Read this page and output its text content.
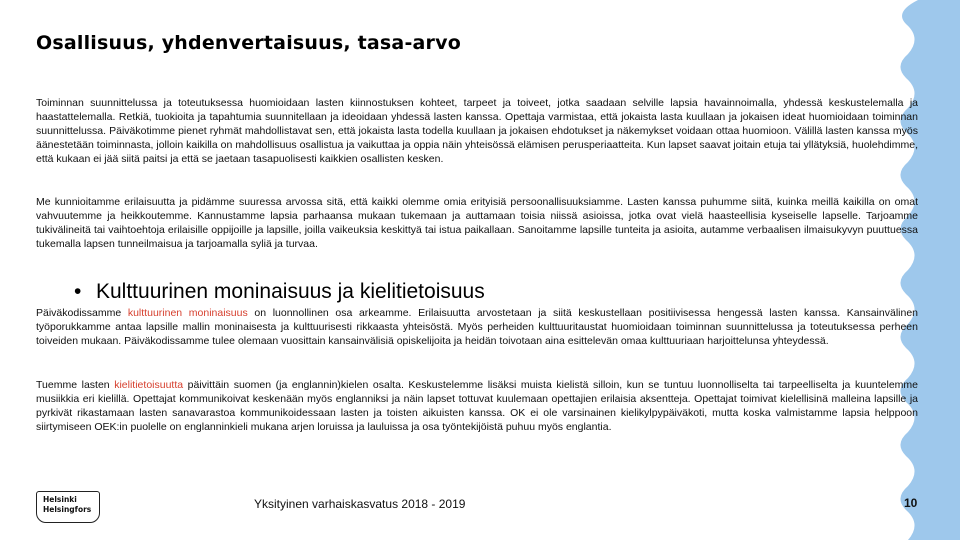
Osallisuus, yhdenvertaisuus, tasa-arvo

Toiminnan suunnittelussa ja toteutuksessa huomioidaan lasten kiinnostuksen kohteet, tarpeet ja toiveet, jotka saadaan selville lapsia havainnoimalla, yhdessä keskustelemalla ja haastattelemalla. Retkiä, tuokioita ja tapahtumia suunnitellaan ja ideoidaan yhdessä lasten kanssa. Opettaja varmistaa, että jokaista lasta kuullaan ja jokaisen ideat huomioidaan toiminnan suunnittelussa. Päiväkotimme pienet ryhmät mahdollistavat sen, että jokaista lasta todella kuullaan ja jokaisen ehdotukset ja näkemykset voidaan ottaa huomioon. Välillä lasten kanssa myös äänestetään toiminnasta, jolloin kaikilla on mahdollisuus osallistua ja vaikuttaa ja oppia näin yhteisössä elämisen perusperiaatteita. Kun lapset saavat joitain etuja tai yllätyksiä, huolehdimme, että kukaan ei jää siitä paitsi ja että se jaetaan tasapuolisesti kaikkien osallisten kesken.

Me kunnioitamme erilaisuutta ja pidämme suuressa arvossa sitä, että kaikki olemme omia erityisiä persoonallisuuksiamme. Lasten kanssa puhumme siitä, kuinka meillä kaikilla on omat vahvuutemme ja heikkoutemme. Kannustamme lapsia parhaansa mukaan tukemaan ja auttamaan toisia niissä asioissa, jotka ovat vielä haasteellisia kyseiselle lapselle. Tarjoamme tukivälineitä tai vaihtoehtoja erilaisille oppijoille ja lapsille, joilla vaikeuksia keskittyä tai istua paikallaan. Sanoitamme lapsille tunteita ja asioita, autamme verbaalisen ilmaisukyvyn puuttuessa tukemalla lapsen tunneilmaisua ja tarjoamalla syliä ja turvaa.

• Kulttuurinen moninaisuus ja kielitietoisuus

Päiväkodissamme kulttuurinen moninaisuus on luonnollinen osa arkeamme. Erilaisuutta arvostetaan ja siitä keskustellaan positiivisessa hengessä lasten kanssa. Kansainvälinen työporukkamme antaa lapsille mallin moninaisesta ja kulttuurisesti rikkaasta yhteisöstä. Myös perheiden kulttuuritaustat huomioidaan toiminnan suunnittelussa ja toteutuksessa perheen toiveiden mukaan. Päiväkodissamme tulee olemaan vuosittain kansainvälisiä opiskelijoita ja heidän toivotaan aina esittelevän omaa kulttuuriaan harjoittelunsa yhteydessä.

Tuemme lasten kielitietoisuutta päivittäin suomen (ja englannin)kielen osalta. Keskustelemme lisäksi muista kielistä silloin, kun se tuntuu luonnolliselta tai tarpeelliselta ja kuuntelemme musiikkia eri kielillä. Opettajat kommunikoivat keskenään myös englanniksi ja näin lapset tottuvat kuulemaan opettajien erilaisia aksentteja. Opettajat toimivat kielellisinä malleina lapsille ja pyrkivät rikastamaan lasten sanavarastoa kommunikoidessaan lasten ja toisten aikuisten kanssa. OK ei ole varsinainen kielikylpypäiväkoti, mutta koska valmistamme lapsia helppoon siirtymiseen OEK:in puolelle on englanninkieli mukana arjen loruissa ja lauluissa ja osa työntekijöistä puhuu myös englantia.

Helsinki
Helsingfors	Yksityinen varhaiskasvatus 2018 - 2019	10
